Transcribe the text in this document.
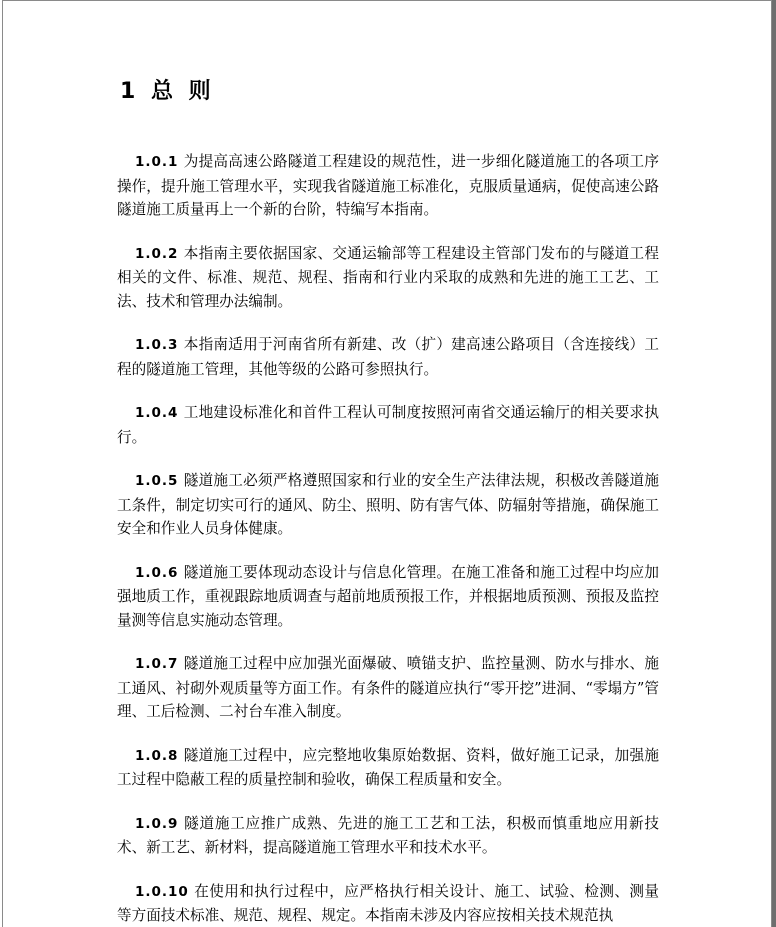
1 总 则

1.0.1 为提高高速公路隧道工程建设的规范性，进一步细化隧道施工的各项工序操作，提升施工管理水平，实现我省隧道施工标准化，克服质量通病，促使高速公路隧道施工质量再上一个新的台阶，特编写本指南。

1.0.2 本指南主要依据国家、交通运输部等工程建设主管部门发布的与隧道工程相关的文件、标准、规范、规程、指南和行业内采取的成熟和先进的施工工艺、工法、技术和管理办法编制。

1.0.3 本指南适用于河南省所有新建、改（扩）建高速公路项目（含连接线）工程的隧道施工管理，其他等级的公路可参照执行。

1.0.4 工地建设标准化和首件工程认可制度按照河南省交通运输厅的相关要求执行。

1.0.5 隧道施工必须严格遵照国家和行业的安全生产法律法规，积极改善隧道施工条件，制定切实可行的通风、防尘、照明、防有害气体、防辐射等措施，确保施工安全和作业人员身体健康。

1.0.6 隧道施工要体现动态设计与信息化管理。在施工准备和施工过程中均应加强地质工作，重视跟踪地质调查与超前地质预报工作，并根据地质预测、预报及监控量测等信息实施动态管理。

1.0.7 隧道施工过程中应加强光面爆破、喷锚支护、监控量测、防水与排水、施工通风、衬砌外观质量等方面工作。有条件的隧道应执行“零开挖”进洞、“零塌方”管理、工后检测、二衬台车准入制度。

1.0.8 隧道施工过程中，应完整地收集原始数据、资料，做好施工记录，加强施工过程中隐蔽工程的质量控制和验收，确保工程质量和安全。

1.0.9 隧道施工应推广成熟、先进的施工工艺和工法，积极而慎重地应用新技术、新工艺、新材料，提高隧道施工管理水平和技术水平。

1.0.10 在使用和执行过程中，应严格执行相关设计、施工、试验、检测、测量等方面技术标准、规范、规程、规定。本指南未涉及内容应按相关技术规范执
